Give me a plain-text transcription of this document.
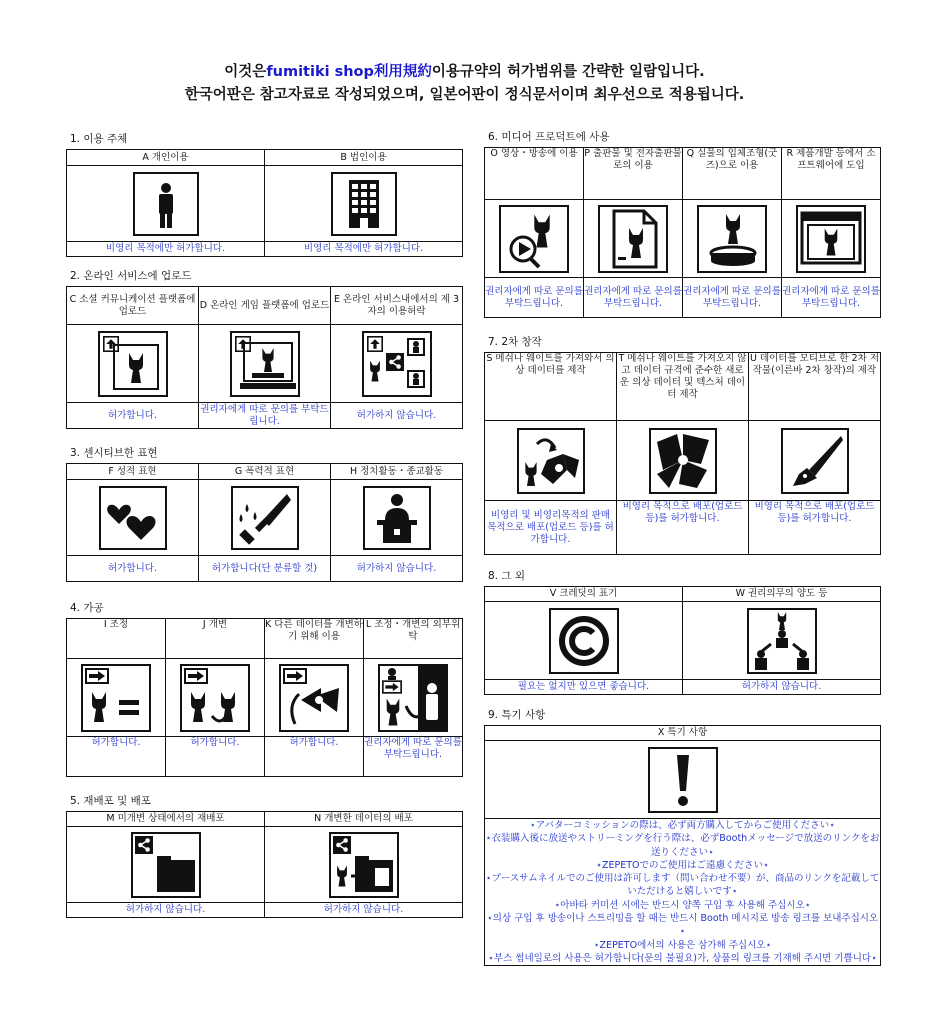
이것은fumitiki shop利用規約이용규약의 허가범위를 간략한 일람입니다.
한국어판은 참고자료로 작성되었으며, 일본어판이 정식문서이며 최우선으로 적용됩니다.
1. 이용 주체
A 개인이용	B 법인이용

비영리 목적에만 허가합니다.	비영리 목적에만 허가합니다.
2. 온라인 서비스에 업로드
C 소셜 커뮤니케이션 플랫폼에 업로드	D 온라인 게임 플랫폼에 업로드	E 온라인 서비스내에서의 제 3자의 이용허락

허가합니다.	권리자에게 따로 문의를 부탁드립니다.	허가하지 않습니다.
3. 센시티브한 표현
F 성적 표현	G 폭력적 표현	H 정치활동・종교활동

허가합니다.	허가합니다(단 분류할 것)	허가하지 않습니다.
4. 가공
I 조정	J 개변	K 다른 데이터를 개변하기 위해 이용	L 조정・개변의 외부위탁

허가합니다.	허가합니다.	허가합니다.	권리자에게 따로 문의를 부탁드립니다.
5. 재배포 및 배포
M 미개변 상태에서의 재배포	N 개변한 데이터의 배포

허가하지 않습니다.	허가하지 않습니다.
6. 미디어 프로덕트에 사용
O 영상・방송에 이용	P 출판물 및 전자출판물로의 이용	Q 실물의 입체조형(굿즈)으로 이용	R 제품개발 등에서 소프트웨어에 도입

권리자에게 따로 문의를 부탁드립니다.	권리자에게 따로 문의를 부탁드립니다.	권리자에게 따로 문의를 부탁드립니다.	권리자에게 따로 문의를 부탁드립니다.
7. 2차 창작
S 메쉬나 웨이트를 가져와서 의상 데이터를 제작	T 메쉬나 웨이트를 가져오지 않고 데이터 규격에 준수한 새로운 의상 데이터 및 텍스처 데이터 제작	U 데이터를 모티브로 한 2차 저작물(이른바 2차 창작)의 제작

비영리 및 비영리목적의 판매 목적으로 배포(업로드 등)를 허가합니다.	비영리 목적으로 배포(업로드 등)를 허가합니다.	비영리 목적으로 배포(업로드 등)를 허가합니다.
8. 그 외
V 크레딧의 표기	W 권리의무의 양도 등

필요는 없지만 있으면 좋습니다.	허가하지 않습니다.
9. 특기 사항
X 특기 사항

⋆アバターコミッションの際は、必ず両方購入してからご使用ください⋆
⋆衣装購入後に放送やストリーミングを行う際は、必ずBoothメッセージで放送のリンクをお送りください⋆
⋆ZEPETOでのご使用はご遠慮ください⋆
⋆ブースサムネイルでのご使用は許可します（問い合わせ不要）が、商品のリンクを記載していただけると嬉しいです⋆
⋆아바타 커미션 시에는 반드시 양쪽 구입 후 사용해 주십시오⋆
⋆의상 구입 후 방송이나 스트리밍을 할 때는 반드시 Booth 메시지로 방송 링크를 보내주십시오⋆
⋆ZEPETO에서의 사용은 삼가해 주십시오⋆
⋆부스 썸네일로의 사용은 허가합니다(문의 불필요)가, 상품의 링크를 기재해 주시면 기쁩니다⋆
